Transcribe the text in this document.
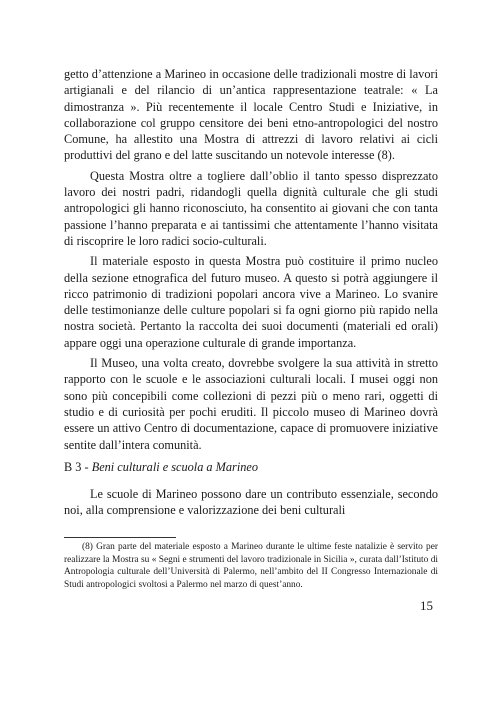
getto d’attenzione a Marineo in occasione delle tradizionali mostre di lavori artigianali e del rilancio di un’antica rappresentazione teatrale: « La dimostranza ». Più recentemente il locale Centro Studi e Iniziative, in collaborazione col gruppo censitore dei beni etno-antropologici del nostro Comune, ha allestito una Mostra di attrezzi di lavoro relativi ai cicli produttivi del grano e del latte suscitando un notevole interesse (8).

Questa Mostra oltre a togliere dall’oblio il tanto spesso disprezzato lavoro dei nostri padri, ridandogli quella dignità culturale che gli studi antropologici gli hanno riconosciuto, ha consentito ai giovani che con tanta passione l’hanno preparata e ai tantissimi che attentamente l’hanno visitata di riscoprire le loro radici socio-culturali.

Il materiale esposto in questa Mostra può costituire il primo nucleo della sezione etnografica del futuro museo. A questo si potrà aggiungere il ricco patrimonio di tradizioni popolari ancora vive a Marineo. Lo svanire delle testimonianze delle culture popolari si fa ogni giorno più rapido nella nostra società. Pertanto la raccolta dei suoi documenti (materiali ed orali) appare oggi una operazione culturale di grande importanza.

Il Museo, una volta creato, dovrebbe svolgere la sua attività in stretto rapporto con le scuole e le associazioni culturali locali. I musei oggi non sono più concepibili come collezioni di pezzi più o meno rari, oggetti di studio e di curiosità per pochi eruditi. Il piccolo museo di Marineo dovrà essere un attivo Centro di documentazione, capace di promuovere iniziative sentite dall’intera comunità.

B 3 - Beni culturali e scuola a Marineo

Le scuole di Marineo possono dare un contributo essenziale, secondo noi, alla comprensione e valorizzazione dei beni culturali

(8) Gran parte del materiale esposto a Marineo durante le ultime feste natalizie è servito per realizzare la Mostra su « Segni e strumenti del lavoro tradizionale in Sicilia », curata dall’Istituto di Antropologia culturale dell’Università di Palermo, nell’ambito del II Congresso Internazionale di Studi antropologici svoltosi a Palermo nel marzo di quest’anno.

15
